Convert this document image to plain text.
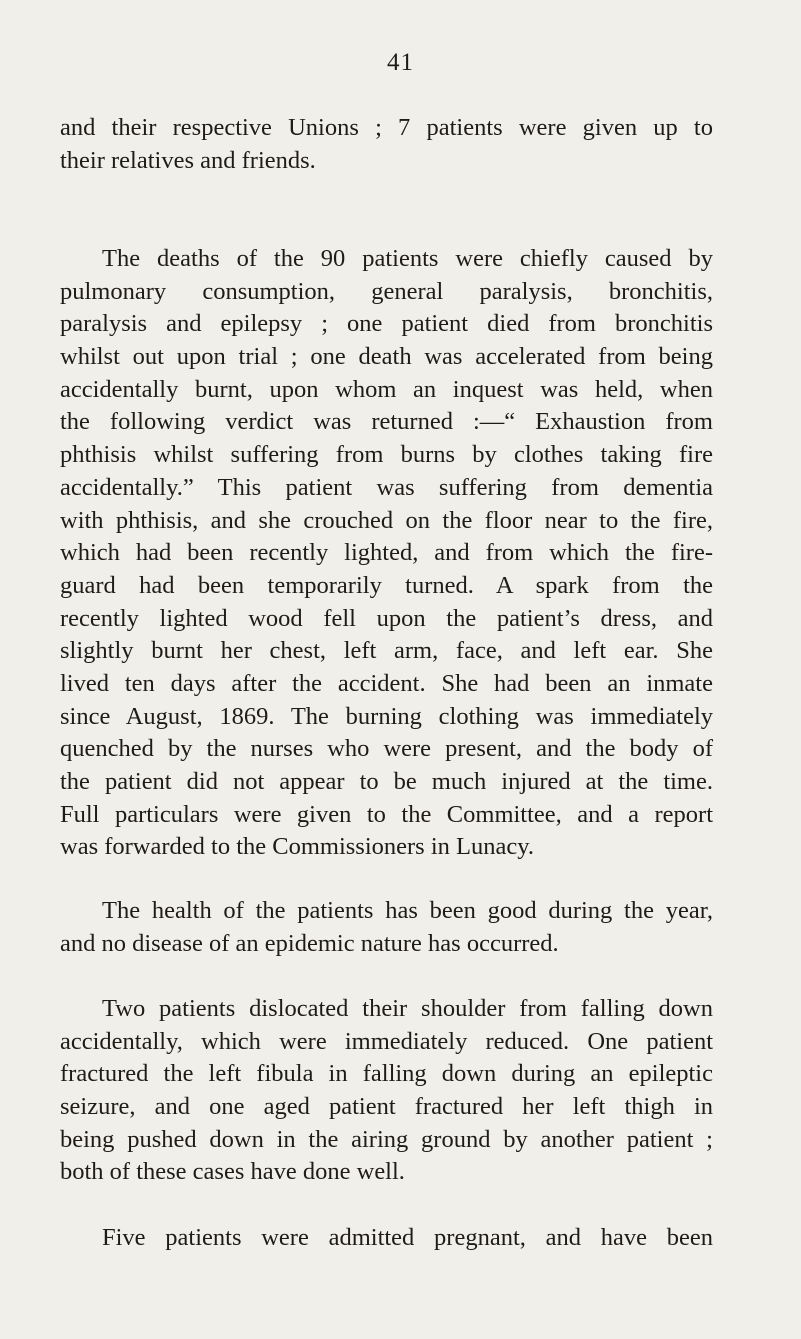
41
and their respective Unions ; 7 patients were given up to
their relatives and friends.
The deaths of the 90 patients were chiefly caused by
pulmonary consumption, general paralysis, bronchitis,
paralysis and epilepsy ; one patient died from bronchitis
whilst out upon trial ; one death was accelerated from being
accidentally burnt, upon whom an inquest was held, when
the following verdict was returned :—“ Exhaustion from
phthisis whilst suffering from burns by clothes taking fire
accidentally.” This patient was suffering from dementia
with phthisis, and she crouched on the floor near to the fire,
which had been recently lighted, and from which the fire-
guard had been temporarily turned. A spark from the
recently lighted wood fell upon the patient’s dress, and
slightly burnt her chest, left arm, face, and left ear. She
lived ten days after the accident. She had been an inmate
since August, 1869. The burning clothing was immediately
quenched by the nurses who were present, and the body of
the patient did not appear to be much injured at the time.
Full particulars were given to the Committee, and a report
was forwarded to the Commissioners in Lunacy.
The health of the patients has been good during the year,
and no disease of an epidemic nature has occurred.
Two patients dislocated their shoulder from falling down
accidentally, which were immediately reduced. One patient
fractured the left fibula in falling down during an epileptic
seizure, and one aged patient fractured her left thigh in
being pushed down in the airing ground by another patient ;
both of these cases have done well.
Five patients were admitted pregnant, and have been
